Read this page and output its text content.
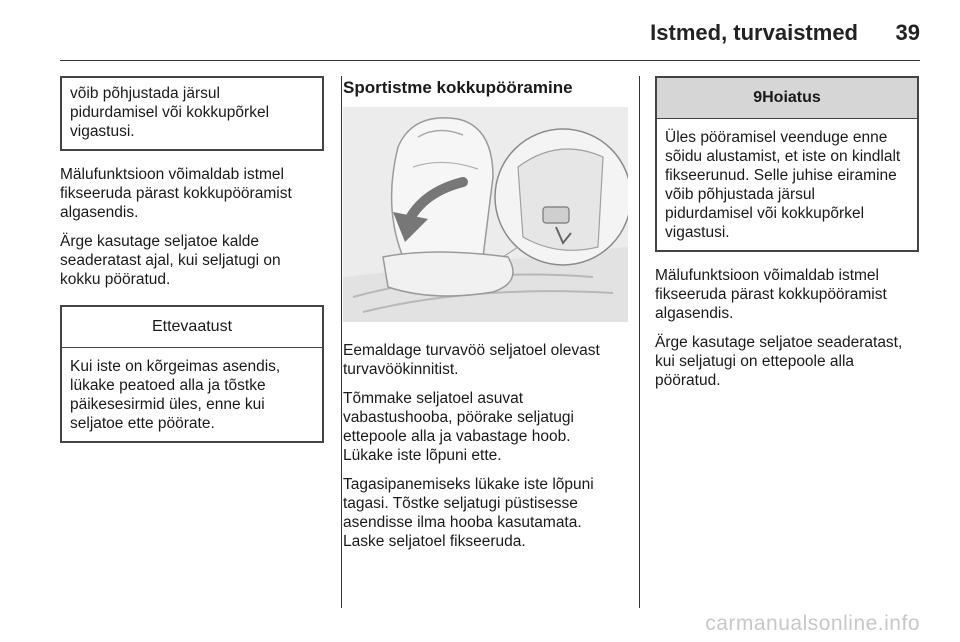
Istmed, turvaistmed 39
võib põhjustada järsul
pidurdamisel või kokkupõrkel
vigastusi.

Mälufunktsioon võimaldab istmel
fikseeruda pärast kokkupööramist
algasendis.

Ärge kasutage seljatoe kalde
seaderatast ajal, kui seljatugi on
kokku pööratud.

Ettevaatust
Kui iste on kõrgeimas asendis,
lükake peatoed alla ja tõstke
päikesesirmid üles, enne kui
seljatoe ette pöörate.
Sportistme kokkupööramine

Eemaldage turvavöö seljatoel olevast
turvavöökinnitist.

Tõmmake seljatoel asuvat
vabastushooba, pöörake seljatugi
ettepoole alla ja vabastage hoob.
Lükake iste lõpuni ette.

Tagasipanemiseks lükake iste lõpuni
tagasi. Tõstke seljatugi püstisesse
asendisse ilma hooba kasutamata.
Laske seljatoel fikseeruda.

9Hoiatus
Üles pööramisel veenduge enne
sõidu alustamist, et iste on kindlalt
fikseerunud. Selle juhise eiramine
võib põhjustada järsul
pidurdamisel või kokkupõrkel
vigastusi.

Mälufunktsioon võimaldab istmel
fikseeruda pärast kokkupööramist
algasendis.

Ärge kasutage seljatoe seaderatast,
kui seljatugi on ettepoole alla
pööratud.

carmanualsonline.info
